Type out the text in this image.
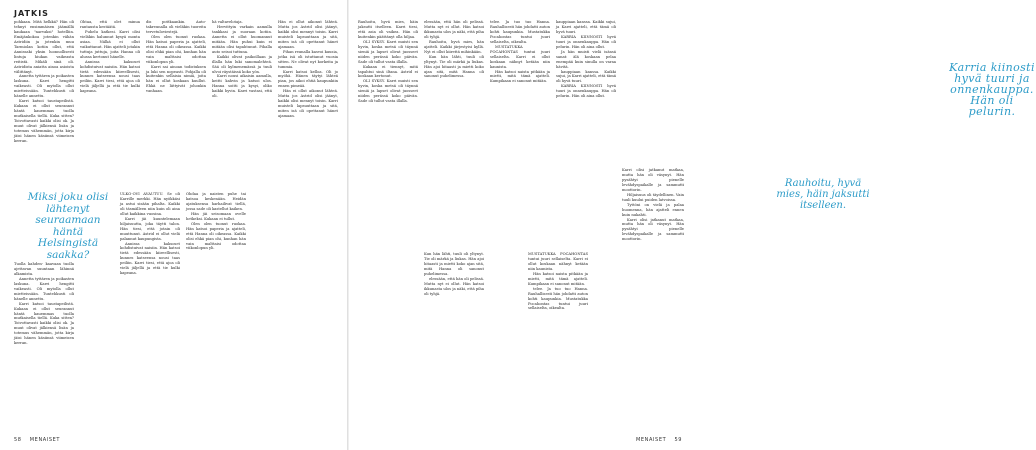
JATKIS

pohkaan. Mitä helkkä? Hän oli tehnyt ensimmäisen jäämällä kaukaan "narvaksi" hotelliin. Emäjänkokoa jotenkin vähän Astridiin ja jotenkin muu Tarmiolan kotiin ollut, että Annissaki yksin luonnollisesti lintuja hiukan vaikeasta reitistä. Mikäli sinä oli. Astridista aniatta ainoa asioista välittänyt.

Annetta tyttären ja poikasten laskuna. Karri hengitti vaikeasti. Oli mytolla ollut mietteissään. Tuntehkusti oli hänelle annettu.

Karri katsoi taustapeilistä. Kukaan ei ollut seurannut häntä kauemmas tuolla mutkaisella tiellä. Kuka sitten? Toivottavasti kaikki olisi ok. Ja muut olivat jälkiensä lisän ja totemus vähemmän, jotta kirja jäisi hänen käsiinsä viimeisen kerran.

Tuolla kahden- kaavaan tuolla ajettavan suuntaan lähinnä alkamista.

Annetta tyttären ja poikasten laskuna. Karri hengitti vaikeasti. Oli mytolla ollut mietteissään. Tuntehkusti oli hänelle annettu.

Karri katsoi taustapeilistä. Kukaan ei ollut seurannut häntä kauemmas tuolla mutkaisella tiellä. Kuka sitten? Toivottavasti kaikki olisi ok. Ja muut olivat jälkiensä lisän ja totemus vähemmän, jotta kirja jäisi hänen käsiinsä viimeisen kerran.

Miksi joku olisi lähtenyt seuraamaan häntä Helsingistä saakka?

Ohtaa, että olet minua rantausta kestäätä.

Puhelu katkesi. Karri olisi vieläkin halunnut kysyä monta asiaa. Nälkä ei ollut vaikuttanut. Hän ajatteli jotakin tuttuja juttuja, joita Hanna oli alussa kertonut hänelle.

Annissa kaksoset kohdistuivat naisiin. Hän katsoi tietä edessään kiireellisesti, kunnes katseensa nousi taas peiliin. Karri tiesi, että ajoa oli vielä jäljellä ja että tie kulki kapeana.

ULKO-OVI AVAUTUU. Se oli Karrille merkki. Hän nyökkäsi ja astui sisään pihalta. Kaikki oli täsmälleen niin kuin oli aina ollut kaikkina vuosina.

Karri jäi kuuntelemaan hiljaisuutta, joka täytti talon. Hän tiesi, että jotain oli muuttunut. Astrid ei ollut vielä palannut kaupungista.

Annissa kaksoset kohdistuivat naisiin. Hän katsoi tietä edessään kiireellisesti, kunnes katseensa nousi taas peiliin. Karri tiesi, että ajoa oli vielä jäljellä ja että tie kulki kapeana.

dis pottkaankin. Auto-takreunalla oli vieläkin tuoreita tervetuloviestejä.

Olen olen tuonut ruokaa. Hän katsoi paperia ja ajatteli, että Hanna oli oikeassa. Kaikki olisi ehkä pian ohi, kunhan hän vain malttaisi odottaa viikonlopun yli.

Karri sai ainoan todistuksen ja luki sen nopeasti. Pohjalla oli kuitenkin sellaisia nimiä, joita hän ei ollut koskaan kuullut. Ehkä ne liittyivät johonkin vanhaan.

Ohdaa ja naisten puhe tai katsoa keskenään. Heidän ajatuksensa harhailivat tiellä, jossa sade oli kastellut kaiken.

Hän jäi seisomaan ovelle hetkeksi. Kukaan ei tullut.

Olen olen tuonut ruokaa. Hän katsoi paperia ja ajatteli, että Hanna oli oikeassa. Kaikki olisi ehkä pian ohi, kunhan hän vain malttaisi odottaa viikonlopun yli.

hä valtavelotaja.

Hervittyin varkain aamulla tankkasi ja suoraan kotiin. Annetta ei ollut huomannut mitään. Hän puhui kuin ei mitään olisi tapahtunut. Pihalla auto seisoi tuttuna.

Kaikki olivat paikoillaan ja illalla hän luki sanomalehteä. Sää oli kylmenemässä ja tuuli ulvoi räystäissä koko yön.

Karri nousi aikaisin aamulla, keitti kahvin ja katsoi ulos. Hanna soitti ja kysyi, oliko kaikki hyvin. Karri vastasi, että oli.

Hän ei ollut aikonut lähteä. Mutta jos Astrid olisi jäänyt, kaikki olisi mennyt toisin. Karri muisteli lapsuuttaan ja sitä, miten isä oli opettanut hänet ajamaan.

Pihan reunalla kasvoi kuusia, jotka isä oli istuttanut vuosia sitten. Ne olivat nyt korkeita ja tummia.

Karri katsoi kelloa. Oli jo myöhä. Hänen täytyi lähteä pian, jos aikoi ehtiä kaupunkiin ennen pimeää.

Hän ei ollut aikonut lähteä. Mutta jos Astrid olisi jäänyt, kaikki olisi mennyt toisin. Karri muisteli lapsuuttaan ja sitä, miten isä oli opettanut hänet ajamaan.

58 MENAISET

Rauhoitu, hyvä mies, häin jaksutti itselleen. Karri tiesi, että asia oli vaikea. Hän oli kuitenkin päättänyt olla hiljaa.

OLI SYKSY. Karri muisti sen hyvin, koska metsä oli täynnä sieniä ja lapset olivat juosseet niiden perässä koko päivän. Sade oli tullut vasta illalla.

Kukaan ei tiennyt, mitä tapahtui sinä iltana. Astrid ei koskaan kertonut.

OLI SYKSY. Karri muisti sen hyvin, koska metsä oli täynnä sieniä ja lapset olivat juosseet niiden perässä koko päivän. Sade oli tullut vasta illalla.

elessään, että hän oli pelissä. Mutta nyt ei ollut. Hän katsoi ikkunasta ulos ja näki, että piha oli tyhjä.

Rauhoitu, hyvä mies, hän ajatteli. Kaikki järjestyisi kyllä. Nyt ei ollut kiirettä mihinkään.

Kun hän lähti, tuuli oli yltynyt. Tie oli märkä ja liukas. Hän ajoi hitaasti ja mietti koko ajan sitä, mitä Hanna oli sanonut puhelimessa.

Kun hän lähti, tuuli oli yltynyt. Tie oli märkä ja liukas. Hän ajoi hitaasti ja mietti koko ajan sitä, mitä Hanna oli sanonut puhelimessa.

elessään, että hän oli pelissä. Mutta nyt ei ollut. Hän katsoi ikkunasta ulos ja näki, että piha oli tyhjä.

Rauhoitu, hyvä mies, häin jaksutti itselleen.

telee. Ja tuo tuo Hanna. Rauhallisesti hän johdatti auton kohti kaupunkia. Mustatukka Pocahontas tuntui juuri sellaiselta, oikealta.

MUSTATUKKA POCAHONTAS tuntui juuri sellaiselta. Karri ei ollut koskaan nähnyt ketään niin kaunista.

Hän katsoi naista pitkään ja mietti, mitä tämä ajatteli. Kumpikaan ei sanonut mitään.

MUSTATUKKA POCAHONTAS tuntui juuri sellaiselta. Karri ei ollut koskaan nähnyt ketään niin kaunista.

Hän katsoi naista pitkään ja mietti, mitä tämä ajatteli. Kumpikaan ei sanonut mitään.

telee. Ja tuo tuo Hanna. Rauhallisesti hän johdatti auton kohti kaupunkia. Mustatukka Pocahontas tuntui juuri sellaiselta, oikealta.

kauppiaan kanssa. Kaikki sujui, ja Karri ajatteli, että tämä oli hyvä tuuri.

KARRIA KIINNOSTI hyvä tuuri ja onnenkauppa. Hän oli pelurin. Hän oli aina ollut.

Ja hän muisti vielä isänsä sanat: älä koskaan pelaa enempää kuin sinulla on varaa hävitä.

kauppiaan kanssa. Kaikki sujui, ja Karri ajatteli, että tämä oli hyvä tuuri.

KARRIA KIINNOSTI hyvä tuuri ja onnenkauppa. Hän oli pelurin. Hän oli aina ollut.

Karria kiinosti hyvä tuuri ja onnenkauppa. Hän oli pelurin.

Karri olisi jatkanut matkaa, mutta hän oli väsynyt. Hän pysähtyi pienelle levähdyspaikalle ja sammutti moottorin.

Hiljaisuus oli täydellinen. Vain tuuli kuului puiden latvoissa.

Tyttöni on vielä ja palaa huomenna, hän ajatteli ennen kuin nukahti.

Karri olisi jatkanut matkaa, mutta hän oli väsynyt. Hän pysähtyi pienelle levähdyspaikalle ja sammutti moottorin.

MENAISET 59
